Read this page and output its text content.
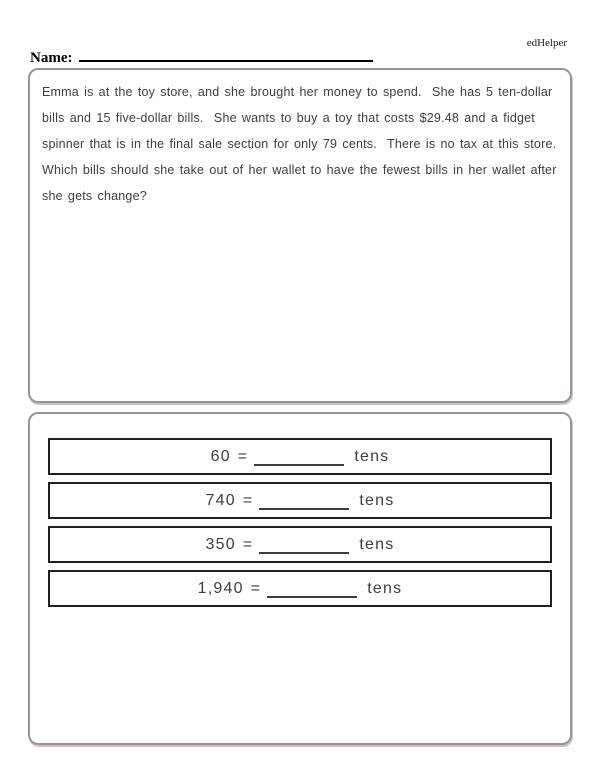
edHelper
Name:

Emma is at the toy store, and she brought her money to spend.  She has 5 ten-dollar bills and 15 five-dollar bills.  She wants to buy a toy that costs $29.48 and a fidget spinner that is in the final sale section for only 79 cents.  There is no tax at this store.  Which bills should she take out of her wallet to have the fewest bills in her wallet after she gets change?

60 =	tens
740 =	tens
350 =	tens
1,940 =	tens
